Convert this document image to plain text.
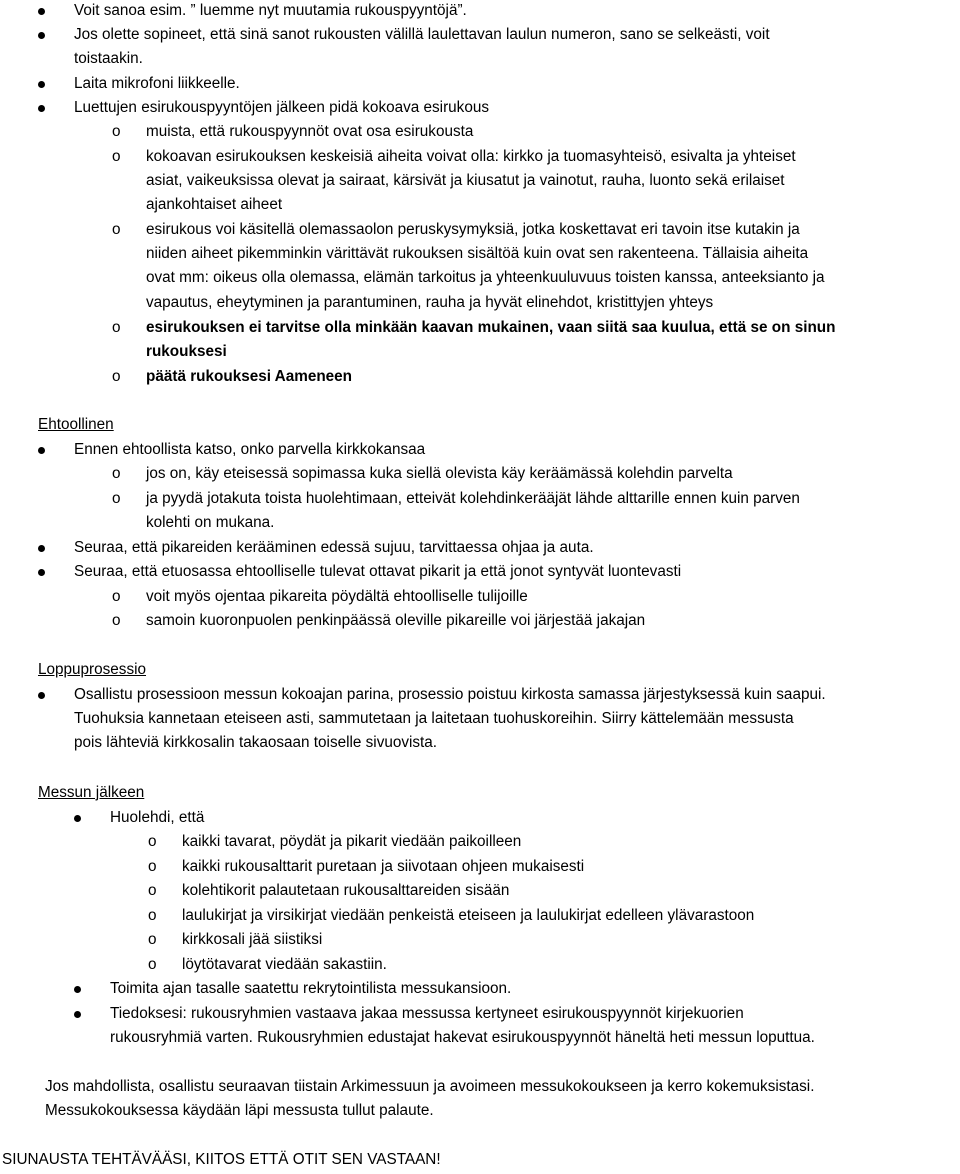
Voit sanoa esim. ” luemme nyt muutamia rukouspyyntöjä”.
Jos olette sopineet, että sinä sanot rukousten välillä laulettavan laulun numeron, sano se selkeästi, voit
toistaakin.
Laita mikrofoni liikkeelle.
Luettujen esirukouspyyntöjen jälkeen pidä kokoava esirukous
o muista, että rukouspyynnöt ovat osa esirukousta
o kokoavan esirukouksen keskeisiä aiheita voivat olla: kirkko ja tuomasyhteisö, esivalta ja yhteiset
asiat, vaikeuksissa olevat ja sairaat, kärsivät ja kiusatut ja vainotut, rauha, luonto sekä erilaiset
ajankohtaiset aiheet
o esirukous voi käsitellä olemassaolon peruskysymyksiä, jotka koskettavat eri tavoin itse kutakin ja
niiden aiheet pikemminkin värittävät rukouksen sisältöä kuin ovat sen rakenteena. Tällaisia aiheita
ovat mm: oikeus olla olemassa, elämän tarkoitus ja yhteenkuuluvuus toisten kanssa, anteeksianto ja
vapautus, eheytyminen ja parantuminen, rauha ja hyvät elinehdot, kristittyjen yhteys
o esirukouksen ei tarvitse olla minkään kaavan mukainen, vaan siitä saa kuulua, että se on sinun
rukouksesi
o päätä rukouksesi Aameneen
Ehtoollinen
Ennen ehtoollista katso, onko parvella kirkkokansaa
o jos on, käy eteisessä sopimassa kuka siellä olevista käy keräämässä kolehdin parvelta
o ja pyydä jotakuta toista huolehtimaan, etteivät kolehdinkerääjät lähde alttarille ennen kuin parven
kolehti on mukana.
Seuraa, että pikareiden kerääminen edessä sujuu, tarvittaessa ohjaa ja auta.
Seuraa, että etuosassa ehtoolliselle tulevat ottavat pikarit ja että jonot syntyvät luontevasti
o voit myös ojentaa pikareita pöydältä ehtoolliselle tulijoille
o samoin kuoronpuolen penkinpäässä oleville pikareille voi järjestää jakajan
Loppuprosessio
Osallistu prosessioon messun kokoajan parina, prosessio poistuu kirkosta samassa järjestyksessä kuin saapui.
Tuohuksia kannetaan eteiseen asti, sammutetaan ja laitetaan tuohuskoreihin. Siirry kättelemään messusta
pois lähteviä kirkkosalin takaosaan toiselle sivuovista.
Messun jälkeen
Huolehdi, että
o kaikki tavarat, pöydät ja pikarit viedään paikoilleen
o kaikki rukousalttarit puretaan ja siivotaan ohjeen mukaisesti
o kolehtikorit palautetaan rukousalttareiden sisään
o laulukirjat ja virsikirjat viedään penkeistä eteiseen ja laulukirjat edelleen ylävarastoon
o kirkkosali jää siistiksi
o löytötavarat viedään sakastiin.
Toimita ajan tasalle saatettu rekrytointilista messukansioon.
Tiedoksesi: rukousryhmien vastaava jakaa messussa kertyneet esirukouspyynnöt kirjekuorien
rukousryhmiä varten. Rukousryhmien edustajat hakevat esirukouspyynnöt häneltä heti messun loputtua.
Jos mahdollista, osallistu seuraavan tiistain Arkimessuun ja avoimeen messukokoukseen ja kerro kokemuksistasi.
Messukokouksessa käydään läpi messusta tullut palaute.
SIUNAUSTA TEHTÄVÄÄSI, KIITOS ETTÄ OTIT SEN VASTAAN!
